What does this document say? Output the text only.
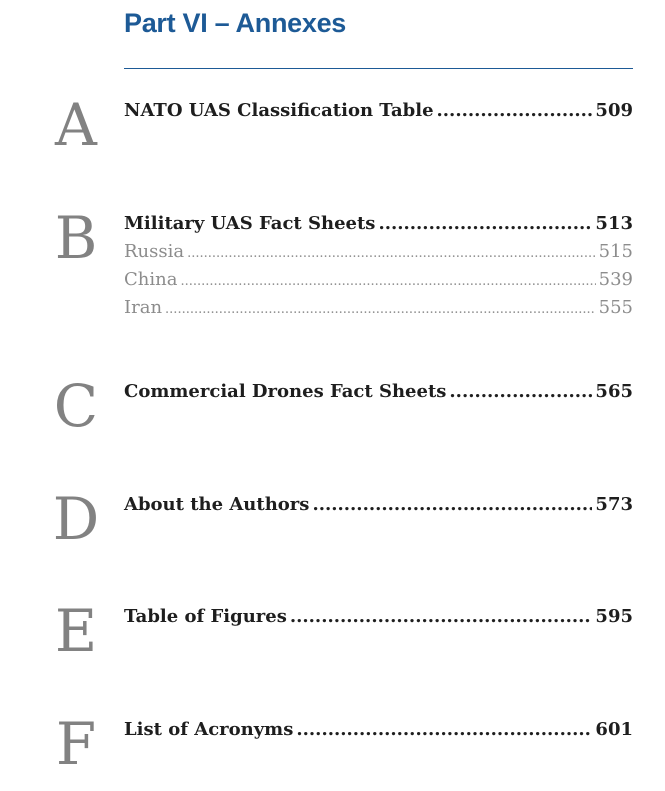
Part VI – Annexes
A NATO UAS Classification Table .....	509
B Military UAS Fact Sheets .....	513
Russia .....	515
China .....	539
Iran .....	555
C Commercial Drones Fact Sheets .....	565
D About the Authors .....	573
E Table of Figures .....	595
F	List of Acronyms .....	601
